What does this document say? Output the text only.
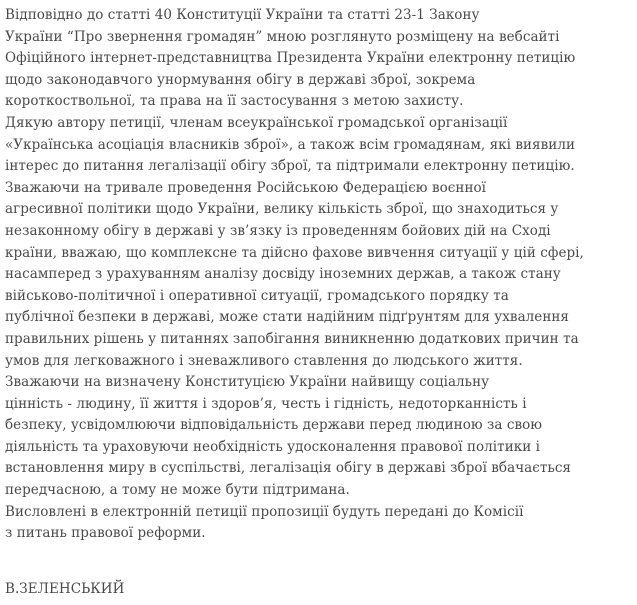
Відповідно до статті 40 Конституції України та статті 23-1 Закону
України “Про звернення громадян” мною розглянуто розміщену на вебсайті
Офіційного інтернет-представництва Президента України електронну петицію
щодо законодавчого унормування обігу в державі зброї, зокрема
короткоствольної, та права на її застосування з метою захисту.
Дякую автору петиції, членам всеукраїнської громадської організації
«Українська асоціація власників зброї», а також всім громадянам, які виявили
інтерес до питання легалізації обігу зброї, та підтримали електронну петицію.
Зважаючи на тривале проведення Російською Федерацією воєнної
агресивної політики щодо України, велику кількість зброї, що знаходиться у
незаконному обігу в державі у зв’язку із проведенням бойових дій на Сході
країни, вважаю, що комплексне та дійсно фахове вивчення ситуації у цій сфері,
насамперед з урахуванням аналізу досвіду іноземних держав, а також стану
військово-політичної і оперативної ситуації, громадського порядку та
публічної безпеки в державі, може стати надійним підґрунтям для ухвалення
правильних рішень у питаннях запобігання виникненню додаткових причин та
умов для легковажного і зневажливого ставлення до людського життя.
Зважаючи на визначену Конституцією України найвищу соціальну
цінність - людину, її життя і здоров’я, честь і гідність, недоторканність і
безпеку, усвідомлюючи відповідальність держави перед людиною за свою
діяльність та ураховуючи необхідність удосконалення правової політики і
встановлення миру в суспільстві, легалізація обігу в державі зброї вбачається
передчасною, а тому не може бути підтримана.
Висловлені в електронній петиції пропозиції будуть передані до Комісії
з питань правової реформи.
В.ЗЕЛЕНСЬКИЙ
